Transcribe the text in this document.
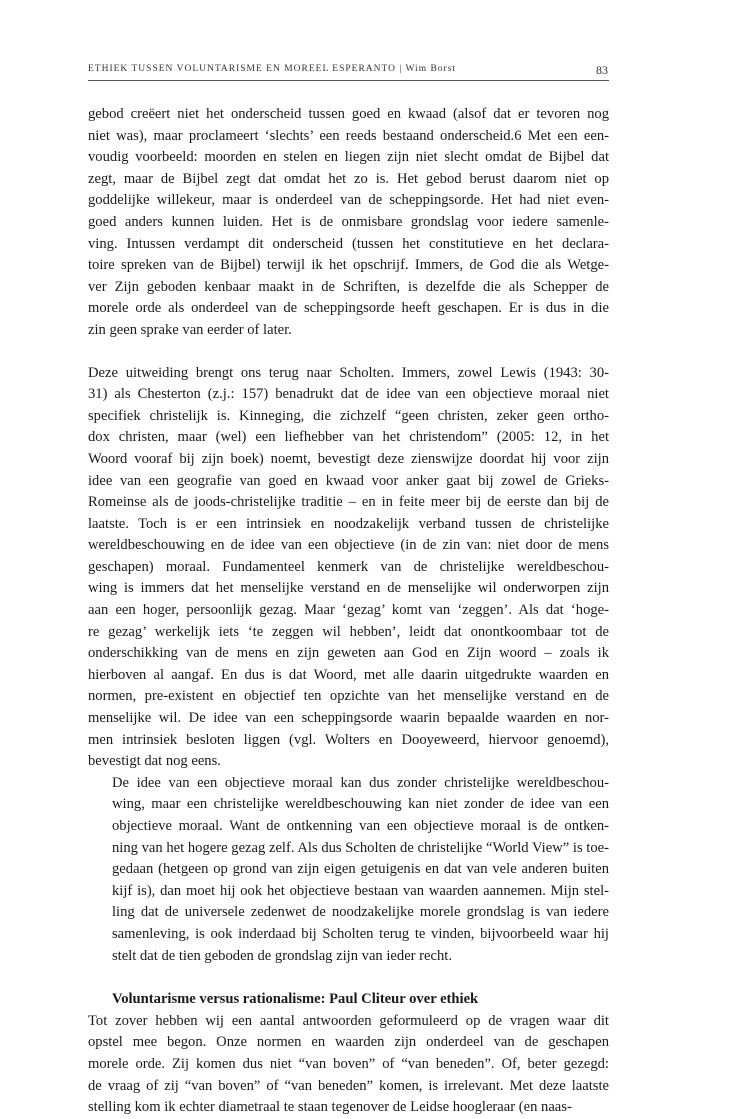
ETHIEK TUSSEN VOLUNTARISME EN MOREEL ESPERANTO | Wim Borst	83

gebod creëert niet het onderscheid tussen goed en kwaad (alsof dat er tevoren nog
niet was), maar proclameert ‘slechts’ een reeds bestaand onderscheid.6 Met een een-
voudig voorbeeld: moorden en stelen en liegen zijn niet slecht omdat de Bijbel dat
zegt, maar de Bijbel zegt dat omdat het zo is. Het gebod berust daarom niet op
goddelijke willekeur, maar is onderdeel van de scheppingsorde. Het had niet even-
goed anders kunnen luiden. Het is de onmisbare grondslag voor iedere samenle-
ving. Intussen verdampt dit onderscheid (tussen het constitutieve en het declara-
toire spreken van de Bijbel) terwijl ik het opschrijf. Immers, de God die als Wetge-
ver Zijn geboden kenbaar maakt in de Schriften, is dezelfde die als Schepper de
morele orde als onderdeel van de scheppingsorde heeft geschapen. Er is dus in die
zin geen sprake van eerder of later.

Deze uitweiding brengt ons terug naar Scholten. Immers, zowel Lewis (1943: 30-
31) als Chesterton (z.j.: 157) benadrukt dat de idee van een objectieve moraal niet
specifiek christelijk is. Kinneging, die zichzelf “geen christen, zeker geen ortho-
dox christen, maar (wel) een liefhebber van het christendom” (2005: 12, in het
Woord vooraf bij zijn boek) noemt, bevestigt deze zienswijze doordat hij voor zijn
idee van een geografie van goed en kwaad voor anker gaat bij zowel de Grieks-
Romeinse als de joods-christelijke traditie – en in feite meer bij de eerste dan bij de
laatste. Toch is er een intrinsiek en noodzakelijk verband tussen de christelijke
wereldbeschouwing en de idee van een objectieve (in de zin van: niet door de mens
geschapen) moraal. Fundamenteel kenmerk van de christelijke wereldbeschou-
wing is immers dat het menselijke verstand en de menselijke wil onderworpen zijn
aan een hoger, persoonlijk gezag. Maar ‘gezag’ komt van ‘zeggen’. Als dat ‘hoge-
re gezag’ werkelijk iets ‘te zeggen wil hebben’, leidt dat onontkoombaar tot de
onderschikking van de mens en zijn geweten aan God en Zijn woord – zoals ik
hierboven al aangaf. En dus is dat Woord, met alle daarin uitgedrukte waarden en
normen, pre-existent en objectief ten opzichte van het menselijke verstand en de
menselijke wil. De idee van een scheppingsorde waarin bepaalde waarden en nor-
men intrinsiek besloten liggen (vgl. Wolters en Dooyeweerd, hiervoor genoemd),
bevestigt dat nog eens.

De idee van een objectieve moraal kan dus zonder christelijke wereldbeschou-
wing, maar een christelijke wereldbeschouwing kan niet zonder de idee van een
objectieve moraal. Want de ontkenning van een objectieve moraal is de ontken-
ning van het hogere gezag zelf. Als dus Scholten de christelijke “World View” is toe-
gedaan (hetgeen op grond van zijn eigen getuigenis en dat van vele anderen buiten
kijf is), dan moet hij ook het objectieve bestaan van waarden aannemen. Mijn stel-
ling dat de universele zedenwet de noodzakelijke morele grondslag is van iedere
samenleving, is ook inderdaad bij Scholten terug te vinden, bijvoorbeeld waar hij
stelt dat de tien geboden de grondslag zijn van ieder recht.

Voluntarisme versus rationalisme: Paul Cliteur over ethiek

Tot zover hebben wij een aantal antwoorden geformuleerd op de vragen waar dit
opstel mee begon. Onze normen en waarden zijn onderdeel van de geschapen
morele orde. Zij komen dus niet “van boven” of “van beneden”. Of, beter gezegd:
de vraag of zij “van boven” of “van beneden” komen, is irrelevant. Met deze laatste
stelling kom ik echter diametraal te staan tegenover de Leidse hoogleraar (en naas-
